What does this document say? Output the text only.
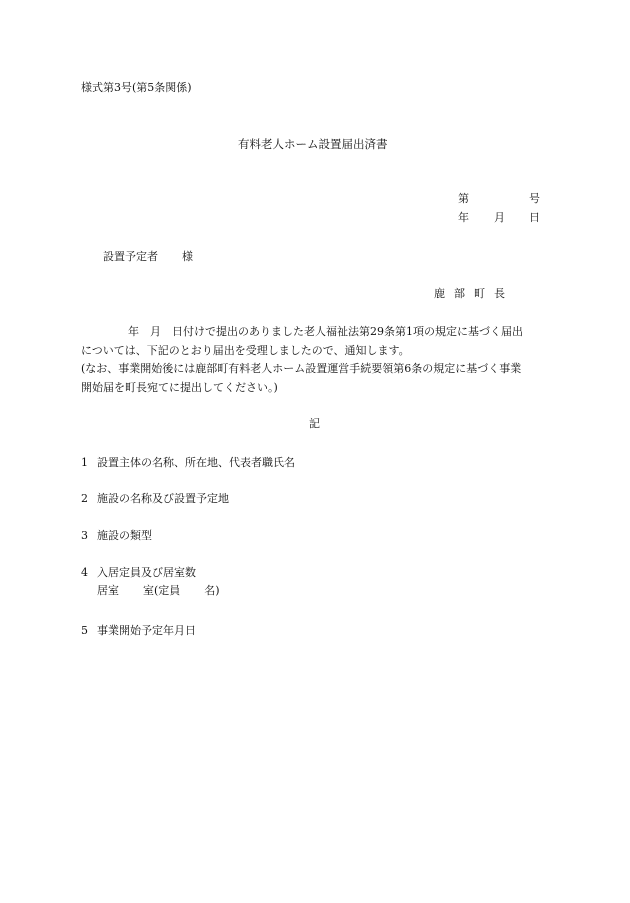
様式第3号(第5条関係)
有料老人ホーム設置届出済書
第	号
年 月 日
設置予定者 様
鹿部町長
年　月　日付けで提出のありました老人福祉法第29条第1項の規定に基づく届出
については、下記のとおり届出を受理しましたので、通知します。
(なお、事業開始後には鹿部町有料老人ホーム設置運営手続要領第6条の規定に基づく事業
開始届を町長宛てに提出してください。)
記
1 設置主体の名称、所在地、代表者職氏名
2 施設の名称及び設置予定地
3 施設の類型
4 入居定員及び居室数
居室 室(定員 名)
5 事業開始予定年月日
